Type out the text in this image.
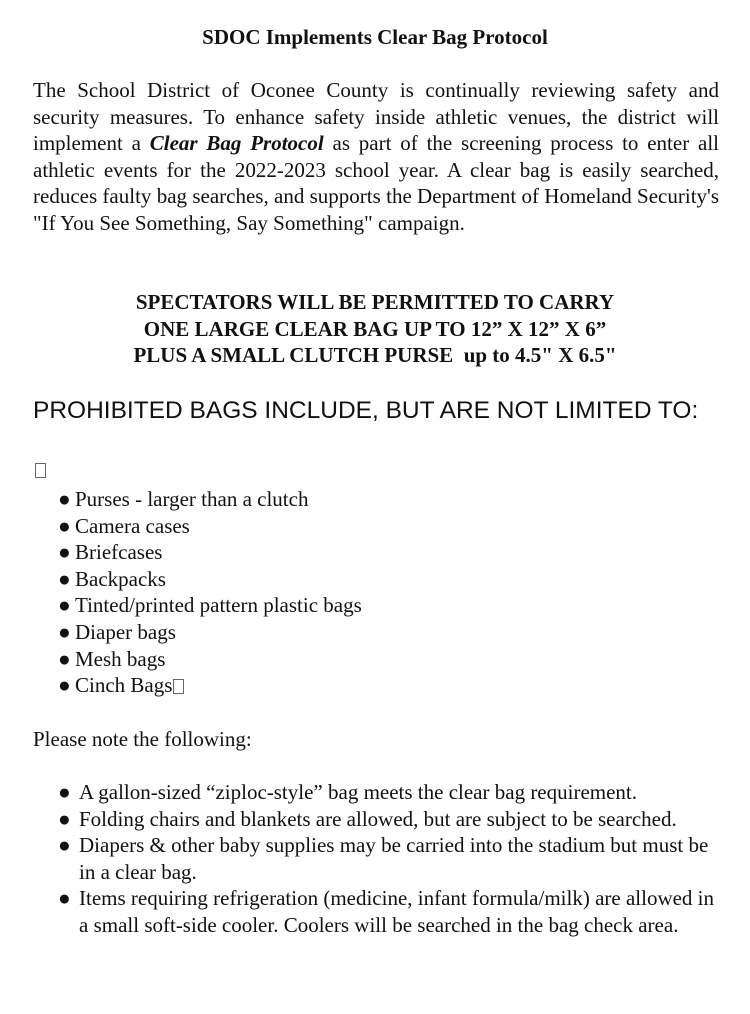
SDOC Implements Clear Bag Protocol
The School District of Oconee County is continually reviewing safety and security measures. To enhance safety inside athletic venues, the district will implement a Clear Bag Protocol as part of the screening process to enter all athletic events for the 2022-2023 school year. A clear bag is easily searched, reduces faulty bag searches, and supports the Department of Homeland Security's "If You See Something, Say Something" campaign.
SPECTATORS WILL BE PERMITTED TO CARRY
ONE LARGE CLEAR BAG UP TO 12” X 12” X 6”
PLUS A SMALL CLUTCH PURSE  up to 4.5" X 6.5"
PROHIBITED BAGS INCLUDE, BUT ARE NOT LIMITED TO:
● Purses - larger than a clutch
● Camera cases
● Briefcases
● Backpacks
● Tinted/printed pattern plastic bags
● Diaper bags
● Mesh bags
● Cinch Bags
Please note the following:
● A gallon-sized “ziploc-style” bag meets the clear bag requirement.
● Folding chairs and blankets are allowed, but are subject to be searched.
● Diapers & other baby supplies may be carried into the stadium but must be in a clear bag.
● Items requiring refrigeration (medicine, infant formula/milk) are allowed in a small soft-side cooler. Coolers will be searched in the bag check area.
